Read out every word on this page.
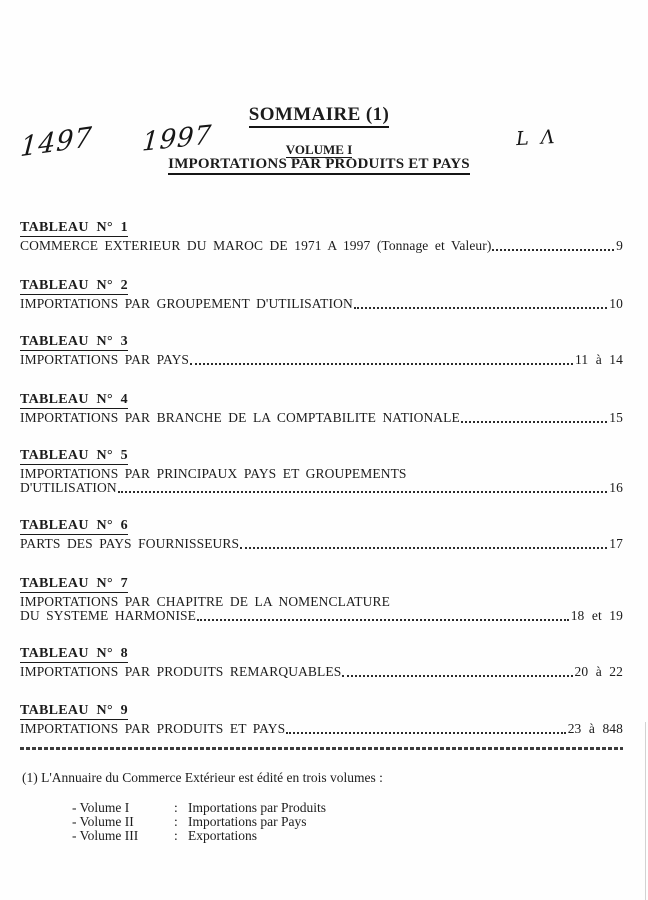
SOMMAIRE (1)
1497 1997	L Λ
VOLUME I
IMPORTATIONS PAR PRODUITS ET PAYS
TABLEAU N° 1
COMMERCE EXTERIEUR DU MAROC DE 1971 A 1997 (Tonnage et Valeur)	9
TABLEAU N° 2
IMPORTATIONS PAR GROUPEMENT D'UTILISATION	10
TABLEAU N° 3
IMPORTATIONS PAR PAYS	11 à 14
TABLEAU N° 4
IMPORTATIONS PAR BRANCHE DE LA COMPTABILITE NATIONALE	15
TABLEAU N° 5
IMPORTATIONS PAR PRINCIPAUX PAYS ET GROUPEMENTS
D'UTILISATION	16
TABLEAU N° 6
PARTS DES PAYS FOURNISSEURS	17
TABLEAU N° 7
IMPORTATIONS PAR CHAPITRE DE LA NOMENCLATURE
DU SYSTEME HARMONISE	18 et 19
TABLEAU N° 8
IMPORTATIONS PAR PRODUITS REMARQUABLES	20 à 22
TABLEAU N° 9
IMPORTATIONS PAR PRODUITS ET PAYS	23 à 848
(1) L'Annuaire du Commerce Extérieur est édité en trois volumes :
- Volume I	: Importations par Produits
- Volume II	: Importations par Pays
- Volume III	: Exportations
